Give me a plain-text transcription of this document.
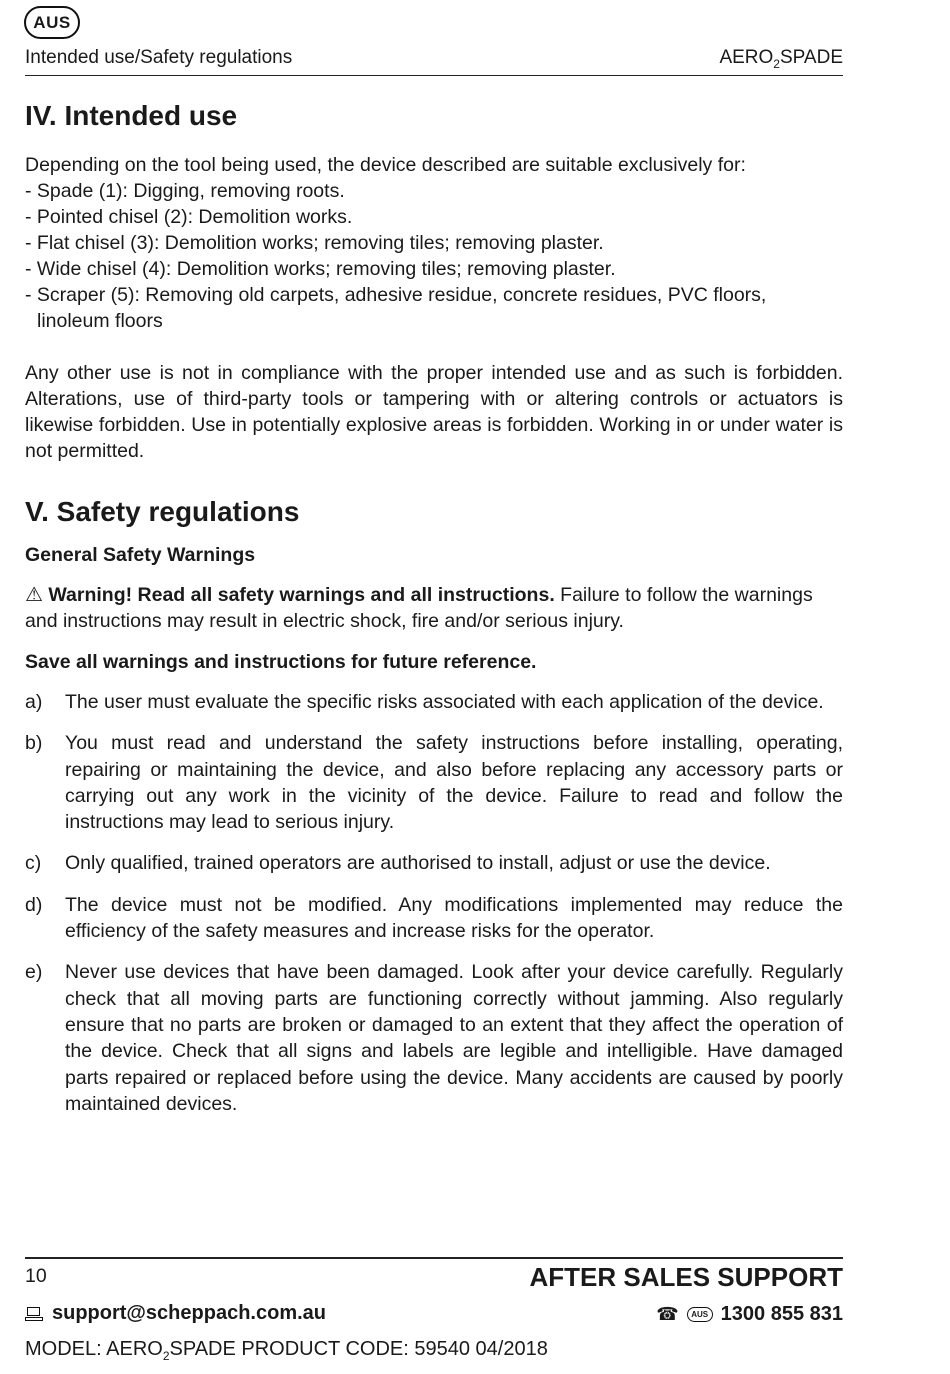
AUS
Intended use/Safety regulations	$AERO_2SPADE$
IV. Intended use

Depending on the tool being used, the device described are suitable exclusively for:

- Spade (1): Digging, removing roots.
- Pointed chisel (2): Demolition works.
- Flat chisel (3): Demolition works; removing tiles; removing plaster.
- Wide chisel (4): Demolition works; removing tiles; removing plaster.
- Scraper (5): Removing old carpets, adhesive residue, concrete residues, PVC floors, linoleum floors

Any other use is not in compliance with the proper intended use and as such is forbidden. Alterations, use of third-party tools or tampering with or altering controls or actuators is likewise forbidden. Use in potentially explosive areas is forbidden. Working in or under water is not permitted.

V. Safety regulations
General Safety Warnings

⚠ Warning! Read all safety warnings and all instructions. Failure to follow the warnings and instructions may result in electric shock, fire and/or serious injury.

Save all warnings and instructions for future reference.
a)	The user must evaluate the specific risks associated with each application of the device.
b)	You must read and understand the safety instructions before installing, operating, repairing or maintaining the device, and also before replacing any accessory parts or carrying out any work in the vicinity of the device. Failure to read and follow the instructions may lead to serious injury.
c)	Only qualified, trained operators are authorised to install, adjust or use the device.
d)	The device must not be modified. Any modifications implemented may reduce the efficiency of the safety measures and increase risks for the operator.
e)	Never use devices that have been damaged. Look after your device carefully. Regularly check that all moving parts are functioning correctly without jamming. Also regularly ensure that no parts are broken or damaged to an extent that they affect the operation of the device. Check that all signs and labels are legible and intelligible. Have damaged parts repaired or replaced before using the device. Many accidents are caused by poorly maintained devices.
10	AFTER SALES SUPPORT
support@scheppach.com.au	☎	AUS 1300 855 831
MODEL: $AERO_2SPADE$ PRODUCT CODE: 59540 04/2018
